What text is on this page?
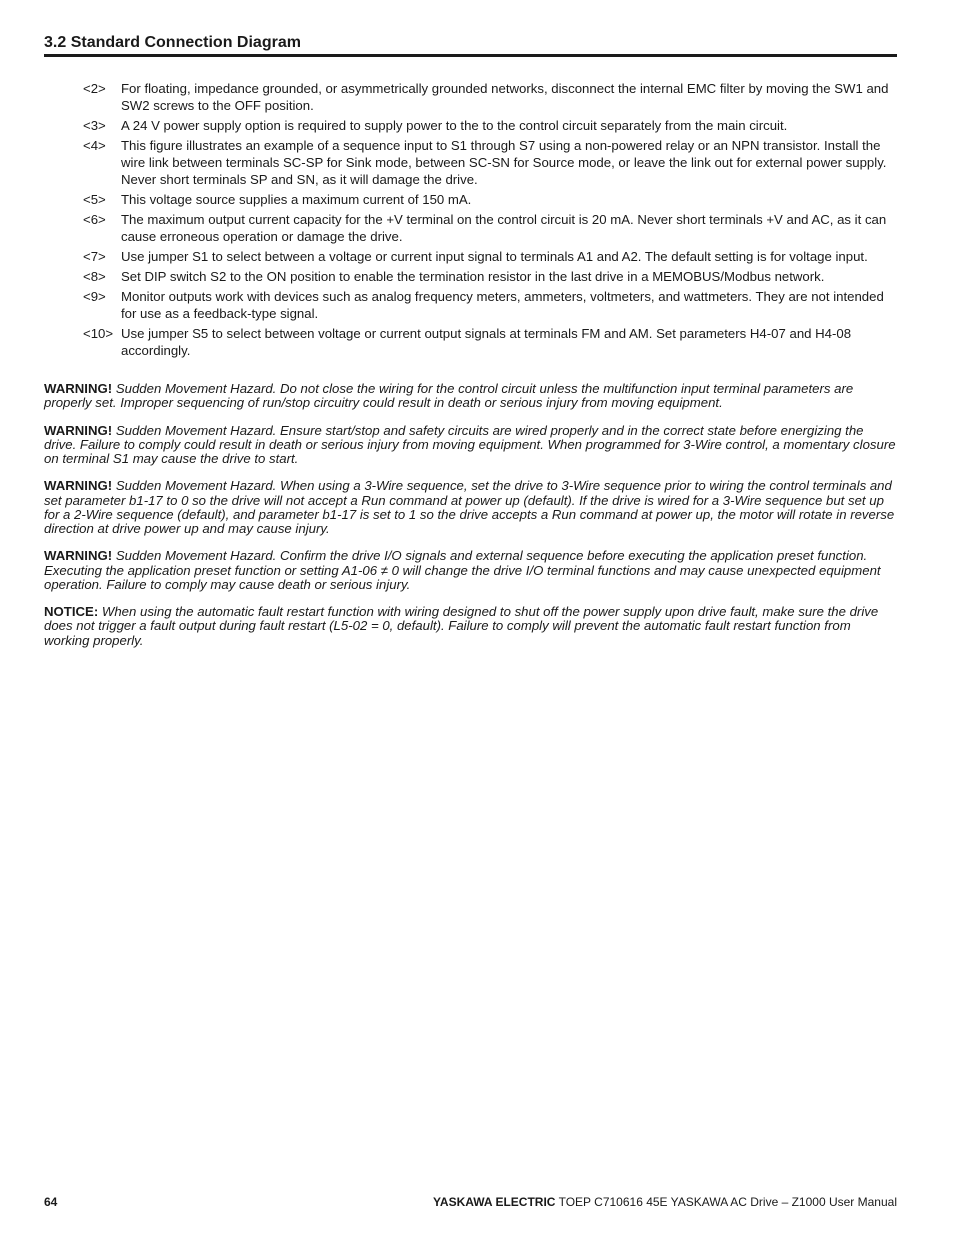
3.2 Standard Connection Diagram
<2>	For floating, impedance grounded, or asymmetrically grounded networks, disconnect the internal EMC filter by moving the SW1 and SW2 screws to the OFF position.
<3>	A 24 V power supply option is required to supply power to the to the control circuit separately from the main circuit.
<4>	This figure illustrates an example of a sequence input to S1 through S7 using a non-powered relay or an NPN transistor. Install the wire link between terminals SC-SP for Sink mode, between SC-SN for Source mode, or leave the link out for external power supply. Never short terminals SP and SN, as it will damage the drive.
<5>	This voltage source supplies a maximum current of 150 mA.
<6>	The maximum output current capacity for the +V terminal on the control circuit is 20 mA. Never short terminals +V and AC, as it can cause erroneous operation or damage the drive.
<7>	Use jumper S1 to select between a voltage or current input signal to terminals A1 and A2. The default setting is for voltage input.
<8>	Set DIP switch S2 to the ON position to enable the termination resistor in the last drive in a MEMOBUS/Modbus network.
<9>	Monitor outputs work with devices such as analog frequency meters, ammeters, voltmeters, and wattmeters. They are not intended for use as a feedback-type signal.
<10> Use jumper S5 to select between voltage or current output signals at terminals FM and AM. Set parameters H4-07 and H4-08 accordingly.

WARNING! Sudden Movement Hazard. Do not close the wiring for the control circuit unless the multifunction input terminal parameters are properly set. Improper sequencing of run/stop circuitry could result in death or serious injury from moving equipment.

WARNING! Sudden Movement Hazard. Ensure start/stop and safety circuits are wired properly and in the correct state before energizing the drive. Failure to comply could result in death or serious injury from moving equipment. When programmed for 3-Wire control, a momentary closure on terminal S1 may cause the drive to start.

WARNING! Sudden Movement Hazard. When using a 3-Wire sequence, set the drive to 3-Wire sequence prior to wiring the control terminals and set parameter b1-17 to 0 so the drive will not accept a Run command at power up (default). If the drive is wired for a 3-Wire sequence but set up for a 2-Wire sequence (default), and parameter b1-17 is set to 1 so the drive accepts a Run command at power up, the motor will rotate in reverse direction at drive power up and may cause injury.

WARNING! Sudden Movement Hazard. Confirm the drive I/O signals and external sequence before executing the application preset function. Executing the application preset function or setting A1-06 ≠ 0 will change the drive I/O terminal functions and may cause unexpected equipment operation. Failure to comply may cause death or serious injury.

NOTICE: When using the automatic fault restart function with wiring designed to shut off the power supply upon drive fault, make sure the drive does not trigger a fault output during fault restart (L5-02 = 0, default). Failure to comply will prevent the automatic fault restart function from working properly.

64	YASKAWA ELECTRIC TOEP C710616 45E YASKAWA AC Drive – Z1000 User Manual
